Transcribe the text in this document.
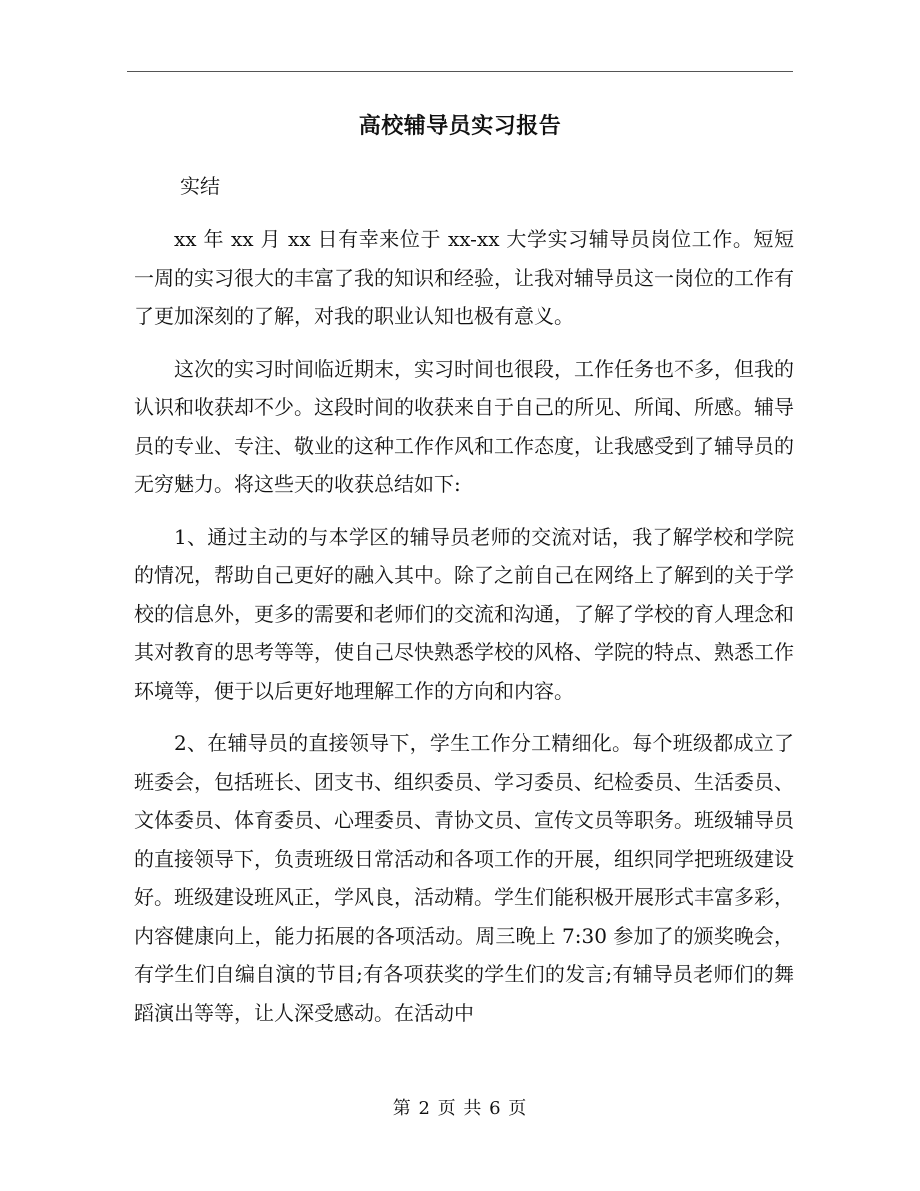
高校辅导员实习报告
实结

xx 年 xx 月 xx 日有幸来位于 xx-xx 大学实习辅导员岗位工作。短短一周的实习很大的丰富了我的知识和经验，让我对辅导员这一岗位的工作有了更加深刻的了解，对我的职业认知也极有意义。

这次的实习时间临近期末，实习时间也很段，工作任务也不多，但我的认识和收获却不少。这段时间的收获来自于自己的所见、所闻、所感。辅导员的专业、专注、敬业的这种工作作风和工作态度，让我感受到了辅导员的无穷魅力。将这些天的收获总结如下:

1、通过主动的与本学区的辅导员老师的交流对话，我了解学校和学院的情况，帮助自己更好的融入其中。除了之前自己在网络上了解到的关于学校的信息外，更多的需要和老师们的交流和沟通，了解了学校的育人理念和其对教育的思考等等，使自己尽快熟悉学校的风格、学院的特点、熟悉工作环境等，便于以后更好地理解工作的方向和内容。

2、在辅导员的直接领导下，学生工作分工精细化。每个班级都成立了班委会，包括班长、团支书、组织委员、学习委员、纪检委员、生活委员、文体委员、体育委员、心理委员、青协文员、宣传文员等职务。班级辅导员的直接领导下，负责班级日常活动和各项工作的开展，组织同学把班级建设好。班级建设班风正，学风良，活动精。学生们能积极开展形式丰富多彩，内容健康向上，能力拓展的各项活动。周三晚上 7:30 参加了的颁奖晚会，有学生们自编自演的节目;有各项获奖的学生们的发言;有辅导员老师们的舞蹈演出等等，让人深受感动。在活动中

第 2 页 共 6 页
